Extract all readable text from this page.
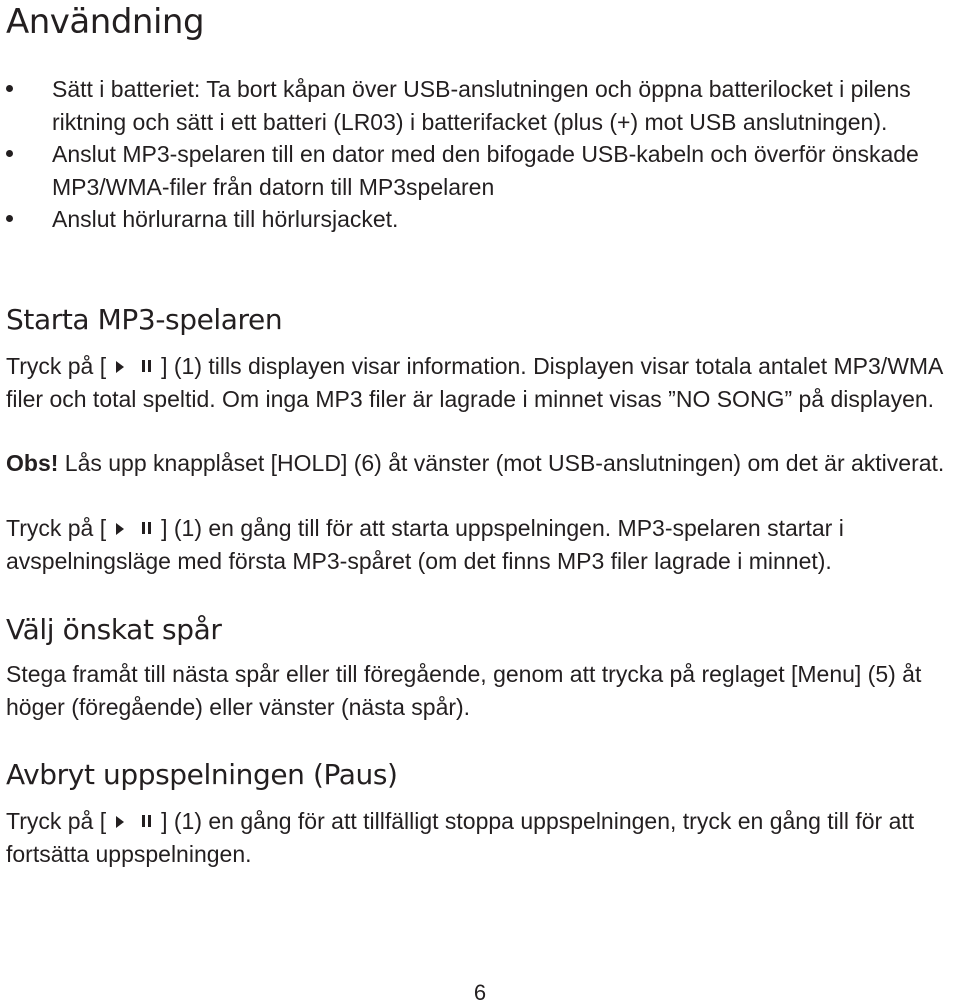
Användning
Sätt i batteriet: Ta bort kåpan över USB-anslutningen och öppna batterilocket i pilens riktning och sätt i ett batteri (LR03) i batterifacket (plus (+) mot USB anslutningen).
Anslut MP3-spelaren till en dator med den bifogade USB-kabeln och överför önskade MP3/WMA-filer från datorn till MP3spelaren
Anslut hörlurarna till hörlursjacket.
Starta MP3-spelaren

Tryck på [ ] (1) tills displayen visar information. Displayen visar totala antalet MP3/WMA filer och total speltid. Om inga MP3 filer är lagrade i minnet visas ”NO SONG” på displayen.

Obs! Lås upp knapplåset [HOLD] (6) åt vänster (mot USB-anslutningen) om det är aktiverat.

Tryck på [ ] (1) en gång till för att starta uppspelningen. MP3-spelaren startar i avspelningsläge med första MP3-spåret (om det finns MP3 filer lagrade i minnet).

Välj önskat spår

Stega framåt till nästa spår eller till föregående, genom att trycka på reglaget [Menu] (5) åt höger (föregående) eller vänster (nästa spår).

Avbryt uppspelningen (Paus)

Tryck på [ ] (1) en gång för att tillfälligt stoppa uppspelningen, tryck en gång till för att fortsätta uppspelningen.

6
